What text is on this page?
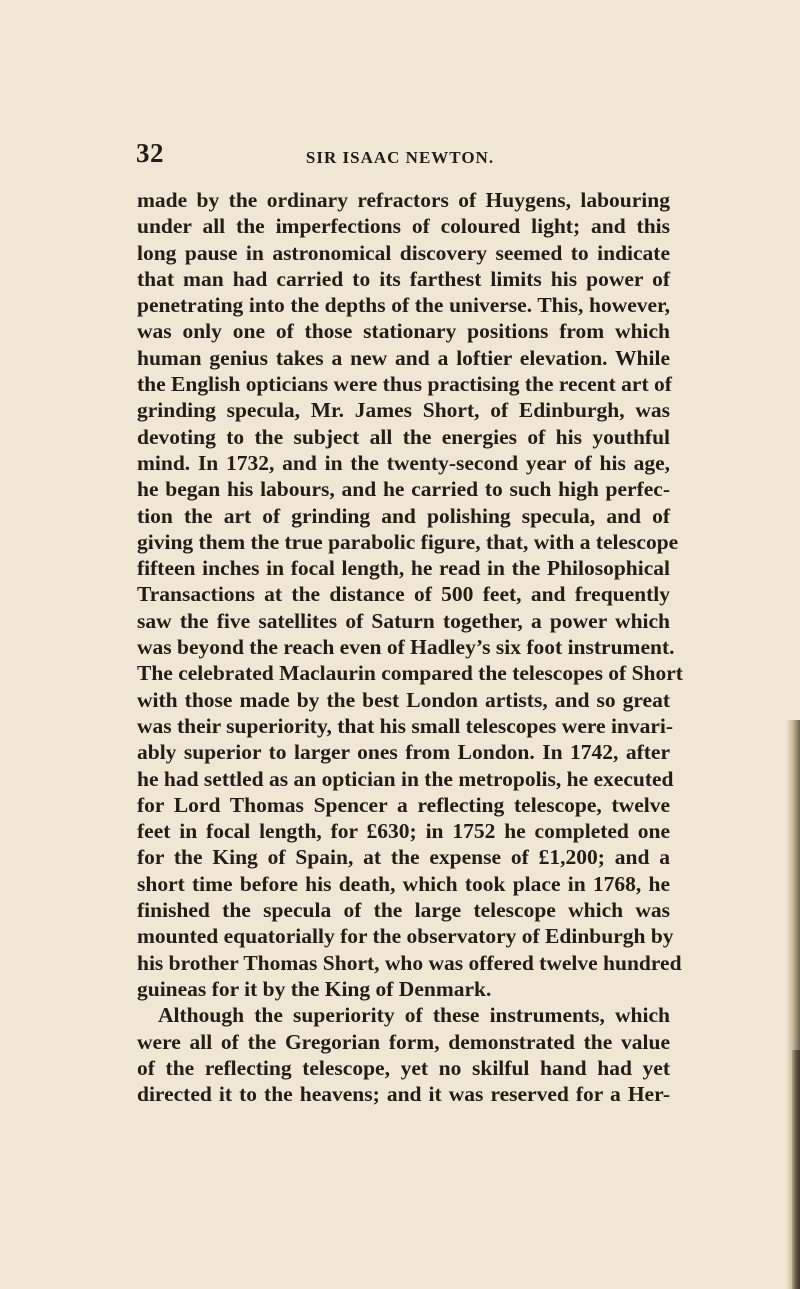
32	SIR ISAAC NEWTON.
made by the ordinary refractors of Huygens, labouring
under all the imperfections of coloured light; and this
long pause in astronomical discovery seemed to indicate
that man had carried to its farthest limits his power of
penetrating into the depths of the universe. This, however,
was only one of those stationary positions from which
human genius takes a new and a loftier elevation. While
the English opticians were thus practising the recent art of
grinding specula, Mr. James Short, of Edinburgh, was
devoting to the subject all the energies of his youthful
mind. In 1732, and in the twenty-second year of his age,
he began his labours, and he carried to such high perfec-
tion the art of grinding and polishing specula, and of
giving them the true parabolic figure, that, with a telescope
fifteen inches in focal length, he read in the Philosophical
Transactions at the distance of 500 feet, and frequently
saw the five satellites of Saturn together, a power which
was beyond the reach even of Hadley’s six foot instrument.
The celebrated Maclaurin compared the telescopes of Short
with those made by the best London artists, and so great
was their superiority, that his small telescopes were invari-
ably superior to larger ones from London. In 1742, after
he had settled as an optician in the metropolis, he executed
for Lord Thomas Spencer a reflecting telescope, twelve
feet in focal length, for £630; in 1752 he completed one
for the King of Spain, at the expense of £1,200; and a
short time before his death, which took place in 1768, he
finished the specula of the large telescope which was
mounted equatorially for the observatory of Edinburgh by
his brother Thomas Short, who was offered twelve hundred
guineas for it by the King of Denmark.
Although the superiority of these instruments, which
were all of the Gregorian form, demonstrated the value
of the reflecting telescope, yet no skilful hand had yet
directed it to the heavens; and it was reserved for a Her-
